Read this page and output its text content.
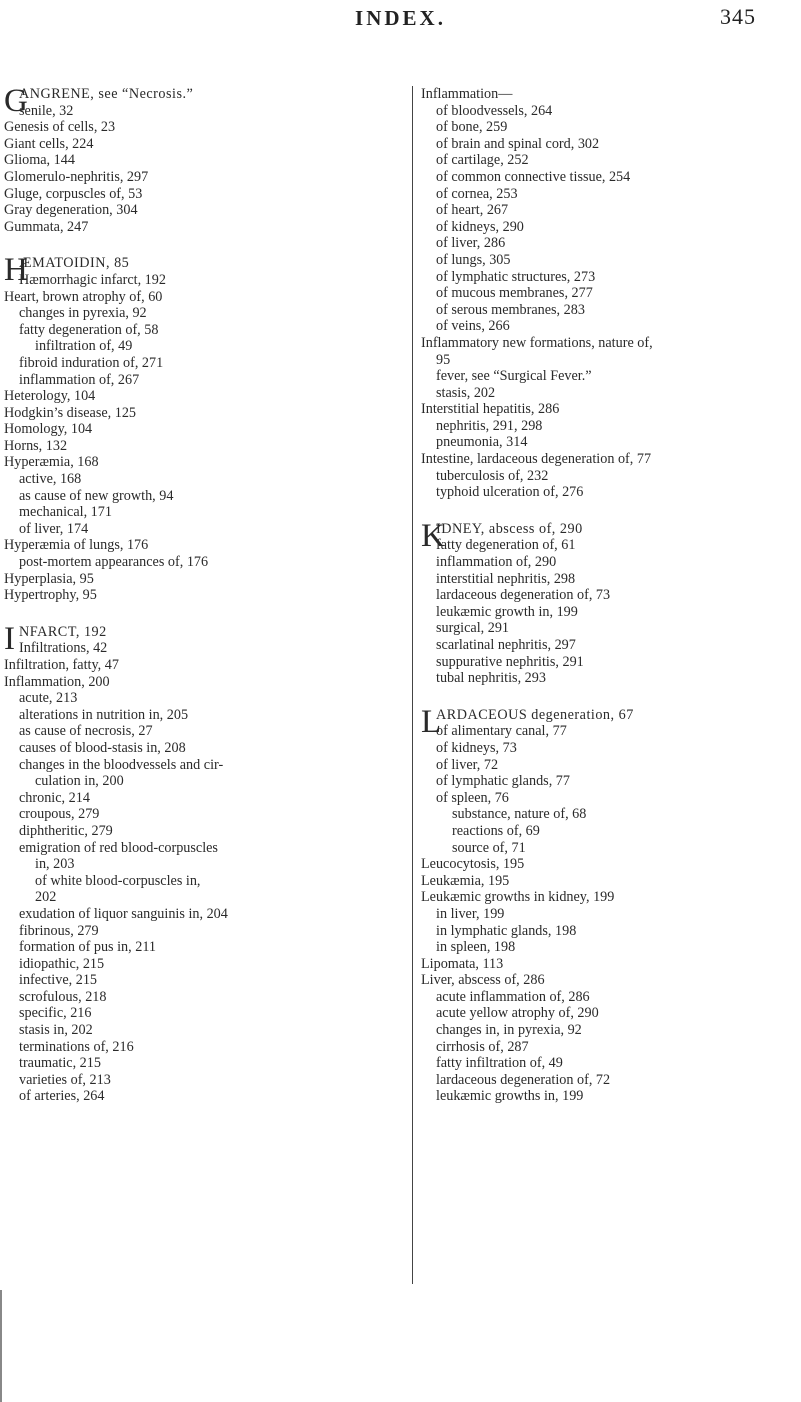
INDEX.	345
G
ANGRENE, see “Necrosis.”
senile, 32
Genesis of cells, 23
Giant cells, 224
Glioma, 144
Glomerulo-nephritis, 297
Gluge, corpuscles of, 53
Gray degeneration, 304
Gummata, 247
H
ÆMATOIDIN, 85
Hæmorrhagic infarct, 192
Heart, brown atrophy of, 60
changes in pyrexia, 92
fatty degeneration of, 58
infiltration of, 49
fibroid induration of, 271
inflammation of, 267
Heterology, 104
Hodgkin’s disease, 125
Homology, 104
Horns, 132
Hyperæmia, 168
active, 168
as cause of new growth, 94
mechanical, 171
of liver, 174
Hyperæmia of lungs, 176
post-mortem appearances of, 176
Hyperplasia, 95
Hypertrophy, 95
I NFARCT, 192
Infiltrations, 42
Infiltration, fatty, 47
Inflammation, 200
acute, 213
alterations in nutrition in, 205
as cause of necrosis, 27
causes of blood-stasis in, 208
changes in the bloodvessels and cir-
culation in, 200
chronic, 214
croupous, 279
diphtheritic, 279
emigration of red blood-corpuscles
in, 203
of white blood-corpuscles in,
202
exudation of liquor sanguinis in, 204
fibrinous, 279
formation of pus in, 211
idiopathic, 215
infective, 215
scrofulous, 218
specific, 216
stasis in, 202
terminations of, 216
traumatic, 215
varieties of, 213
of arteries, 264
Inflammation—
of bloodvessels, 264
of bone, 259
of brain and spinal cord, 302
of cartilage, 252
of common connective tissue, 254
of cornea, 253
of heart, 267
of kidneys, 290
of liver, 286
of lungs, 305
of lymphatic structures, 273
of mucous membranes, 277
of serous membranes, 283
of veins, 266
Inflammatory new formations, nature of,
95
fever, see “Surgical Fever.”
stasis, 202
Interstitial hepatitis, 286
nephritis, 291, 298
pneumonia, 314
Intestine, lardaceous degeneration of, 77
tuberculosis of, 232
typhoid ulceration of, 276
K
IDNEY, abscess of, 290
fatty degeneration of, 61
inflammation of, 290
interstitial nephritis, 298
lardaceous degeneration of, 73
leukæmic growth in, 199
surgical, 291
scarlatinal nephritis, 297
suppurative nephritis, 291
tubal nephritis, 293
L
ARDACEOUS degeneration, 67
of alimentary canal, 77
of kidneys, 73
of liver, 72
of lymphatic glands, 77
of spleen, 76
substance, nature of, 68
reactions of, 69
source of, 71
Leucocytosis, 195
Leukæmia, 195
Leukæmic growths in kidney, 199
in liver, 199
in lymphatic glands, 198
in spleen, 198
Lipomata, 113
Liver, abscess of, 286
acute inflammation of, 286
acute yellow atrophy of, 290
changes in, in pyrexia, 92
cirrhosis of, 287
fatty infiltration of, 49
lardaceous degeneration of, 72
leukæmic growths in, 199
